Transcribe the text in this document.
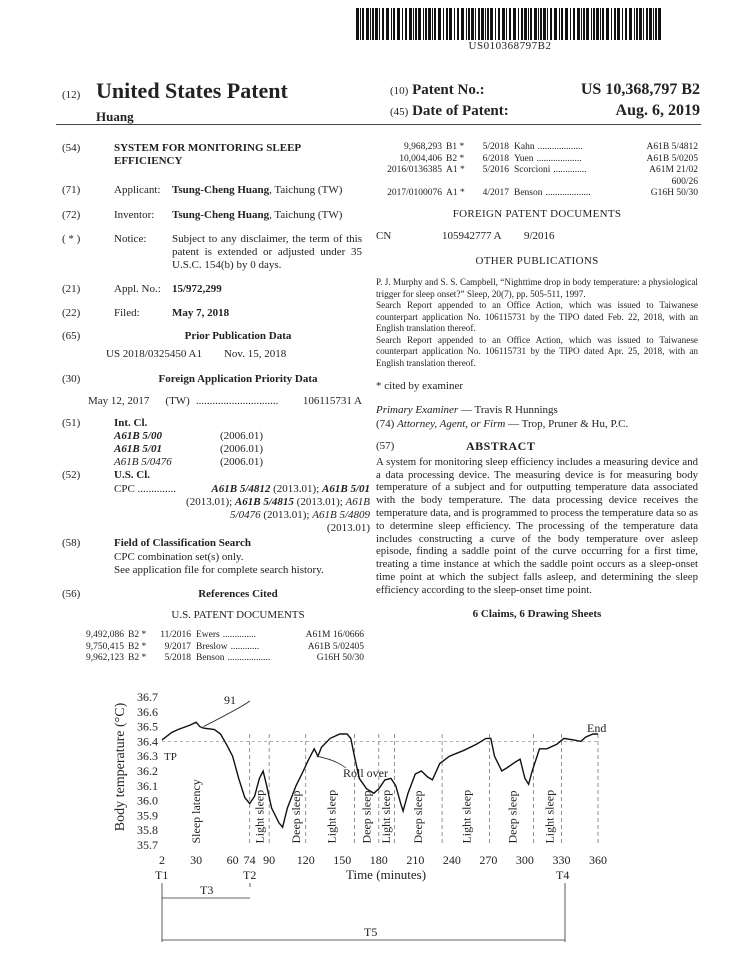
US010368797B2
(12) United States Patent
Huang
(10) Patent No.:	US 10,368,797 B2
(45) Date of Patent:	Aug. 6, 2019
(54)	SYSTEM FOR MONITORING SLEEP EFFICIENCY
(71)	Applicant:	Tsung-Cheng Huang, Taichung (TW)
(72)	Inventor:	Tsung-Cheng Huang, Taichung (TW)
( * )	Notice:	Subject to any disclaimer, the term of this patent is extended or adjusted under 35 U.S.C. 154(b) by 0 days.
(21)	Appl. No.:	15/972,299
(22)	Filed:	May 7, 2018
(65)	Prior Publication Data
US 2018/0325450 A1 Nov. 15, 2018
(30)	Foreign Application Priority Data
May 12, 2017 (TW) ..............................	106115731 A
(51)	Int. Cl.
A61B 5/00	(2006.01)
A61B 5/01	(2006.01)
A61B 5/0476	(2006.01)
(52)	U.S. Cl.
CPC ..............	A61B 5/4812 (2013.01); A61B 5/01 (2013.01); A61B 5/4815 (2013.01); A61B 5/0476 (2013.01); A61B 5/4809 (2013.01)
(58)	Field of Classification Search
CPC combination set(s) only.
See application file for complete search history.
(56)	References Cited
U.S. PATENT DOCUMENTS
9,492,086 B2 *	11/2016 Ewers ..............	A61M 16/0666
9,750,415 B2 *	9/2017 Breslow ............	A61B 5/02405
9,962,123 B2 *	5/2018 Benson ..................	G16H 50/30
9,968,293 B1 *	5/2018 Kahn ...................	A61B 5/4812
10,004,406 B2 *	6/2018 Yuen ...................	A61B 5/0205
2016/0136385 A1 *	5/2016 Scorcioni ..............	A61M 21/02
600/26
2017/0100076 A1 *	4/2017 Benson ...................	G16H 50/30
FOREIGN PATENT DOCUMENTS
CN	105942777 A	9/2016
OTHER PUBLICATIONS
P. J. Murphy and S. S. Campbell, “Nighttime drop in body temperature: a physiological trigger for sleep onset?” Sleep, 20(7), pp. 505-511, 1997.
Search Report appended to an Office Action, which was issued to Taiwanese counterpart application No. 106115731 by the TIPO dated Feb. 22, 2018, with an English translation thereof.
Search Report appended to an Office Action, which was issued to Taiwanese counterpart application No. 106115731 by the TIPO dated Apr. 25, 2018, with an English translation thereof.
* cited by examiner
Primary Examiner — Travis R Hunnings
(74) Attorney, Agent, or Firm — Trop, Pruner & Hu, P.C.
(57)	ABSTRACT
A system for monitoring sleep efficiency includes a measuring device and a data processing device. The measuring device is for measuring body temperature of a subject and for outputting temperature data associated with the body temperature. The data processing device receives the temperature data, and is programmed to process the temperature data so as to determine sleep efficiency. The processing of the temperature data includes constructing a curve of the body temperature over asleep episode, finding a saddle point of the curve occurring for a first time, treating a time instance at which the saddle point occurs as a sleep-onset time point at which the subject falls asleep, and determining the sleep efficiency according to the sleep-onset time point.
6 Claims, 6 Drawing Sheets
Body temperature (°C)
Time (minutes)
91
TP
End
Roll over
T1	T2
T3
T4
T5
36.7
36.6
36.5
36.4
36.3
36.2
36.1
36.0
35.9
35.8
35.7
2 30 60 74 90 120 150 180 210 240 270 300 330 360
Sleep latency	Light sleep Deep sleep Light sleep Deep sleep Light sleep Deep sleep	Light sleep	Deep sleep Light sleep
